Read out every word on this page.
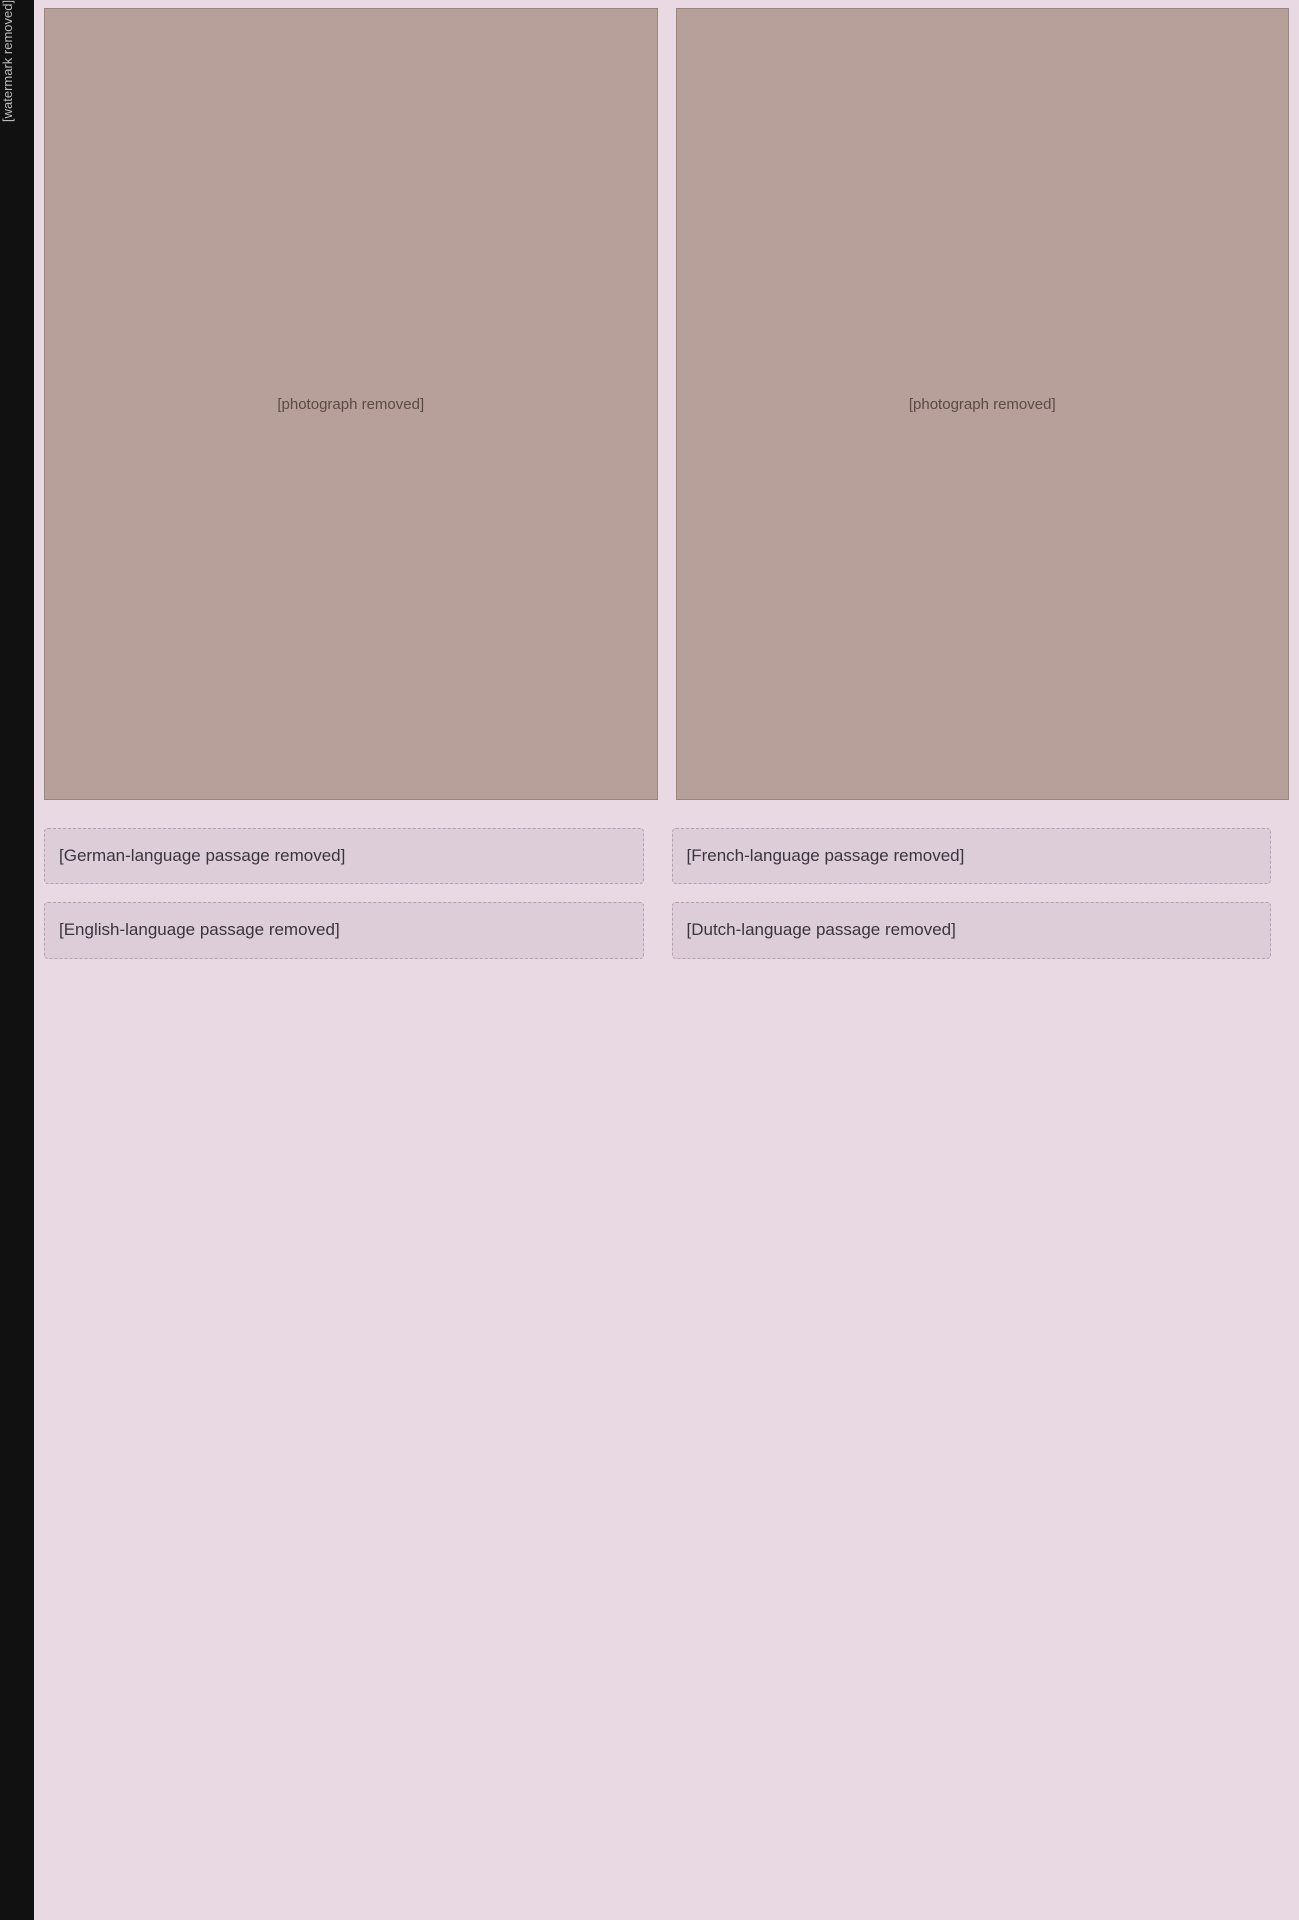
[watermark removed]
[photograph removed]	[photograph removed]
[German-language passage removed]
[English-language passage removed]
[French-language passage removed]
[Dutch-language passage removed]
